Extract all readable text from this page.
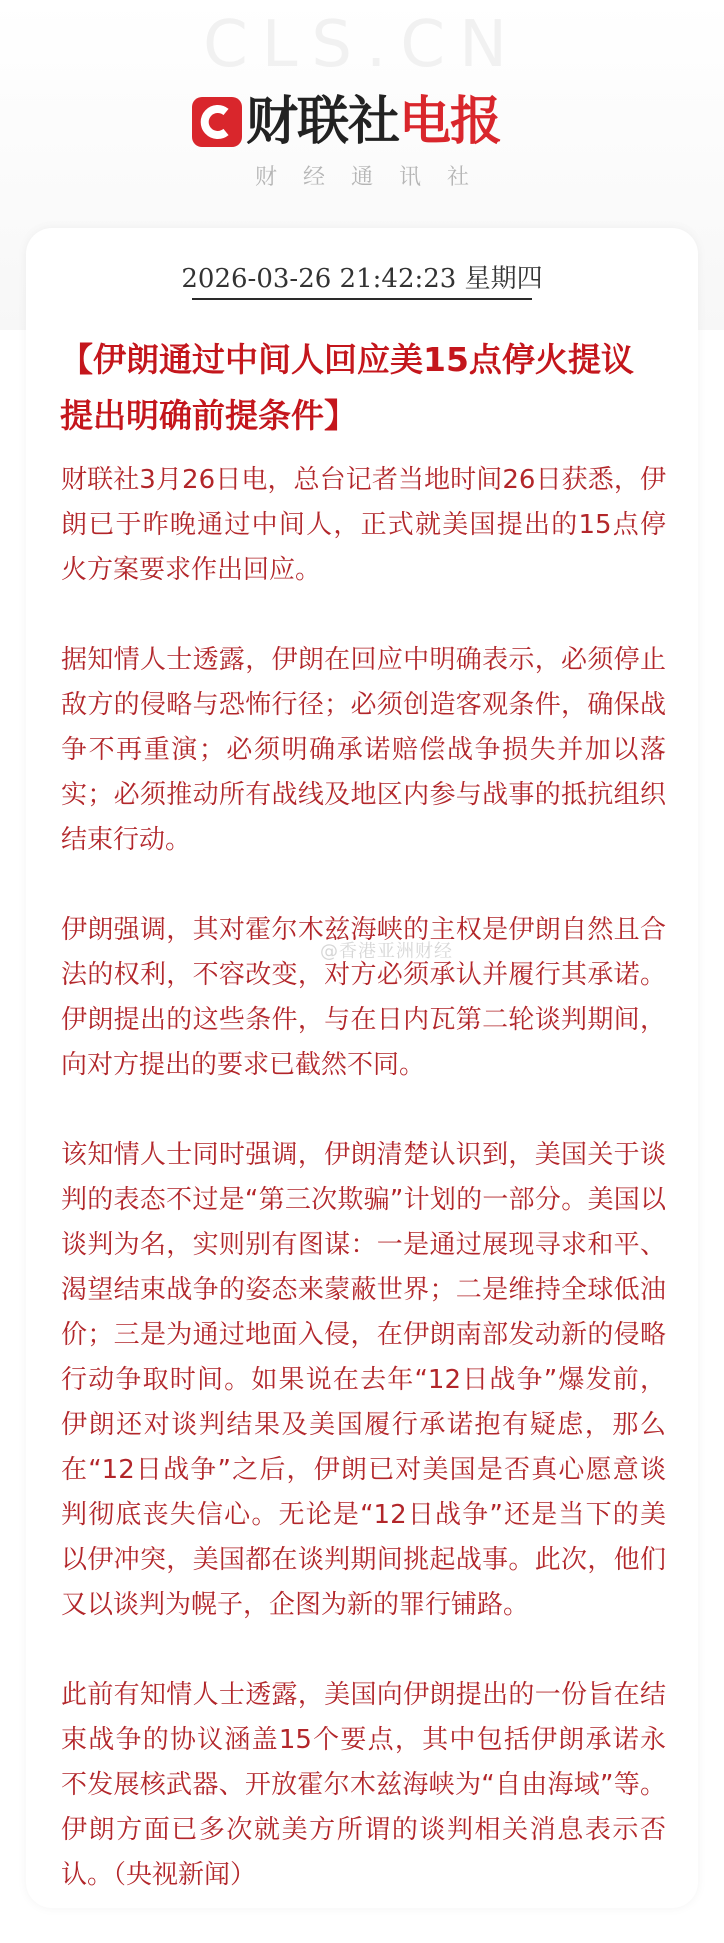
CLS.CN
财联社电报
财经通讯社
2026-03-26 21:42:23 星期四
【伊朗通过中间人回应美15点停火提议 提出明确前提条件】

财联社3月26日电，总台记者当地时间26日获悉，伊朗已于昨晚通过中间人，正式就美国提出的15点停火方案要求作出回应。

据知情人士透露，伊朗在回应中明确表示，必须停止敌方的侵略与恐怖行径；必须创造客观条件，确保战争不再重演；必须明确承诺赔偿战争损失并加以落实；必须推动所有战线及地区内参与战事的抵抗组织结束行动。

伊朗强调，其对霍尔木兹海峡的主权是伊朗自然且合法的权利，不容改变，对方必须承认并履行其承诺。伊朗提出的这些条件，与在日内瓦第二轮谈判期间，向对方提出的要求已截然不同。

该知情人士同时强调，伊朗清楚认识到，美国关于谈判的表态不过是“第三次欺骗”计划的一部分。美国以谈判为名，实则别有图谋：一是通过展现寻求和平、渴望结束战争的姿态来蒙蔽世界；二是维持全球低油价；三是为通过地面入侵，在伊朗南部发动新的侵略行动争取时间。如果说在去年“12日战争”爆发前，伊朗还对谈判结果及美国履行承诺抱有疑虑，那么在“12日战争”之后，伊朗已对美国是否真心愿意谈判彻底丧失信心。无论是“12日战争”还是当下的美以伊冲突，美国都在谈判期间挑起战事。此次，他们又以谈判为幌子，企图为新的罪行铺路。

此前有知情人士透露，美国向伊朗提出的一份旨在结束战争的协议涵盖15个要点，其中包括伊朗承诺永不发展核武器、开放霍尔木兹海峡为“自由海域”等。伊朗方面已多次就美方所谓的谈判相关消息表示否认。（央视新闻）

@香港亚洲财经
